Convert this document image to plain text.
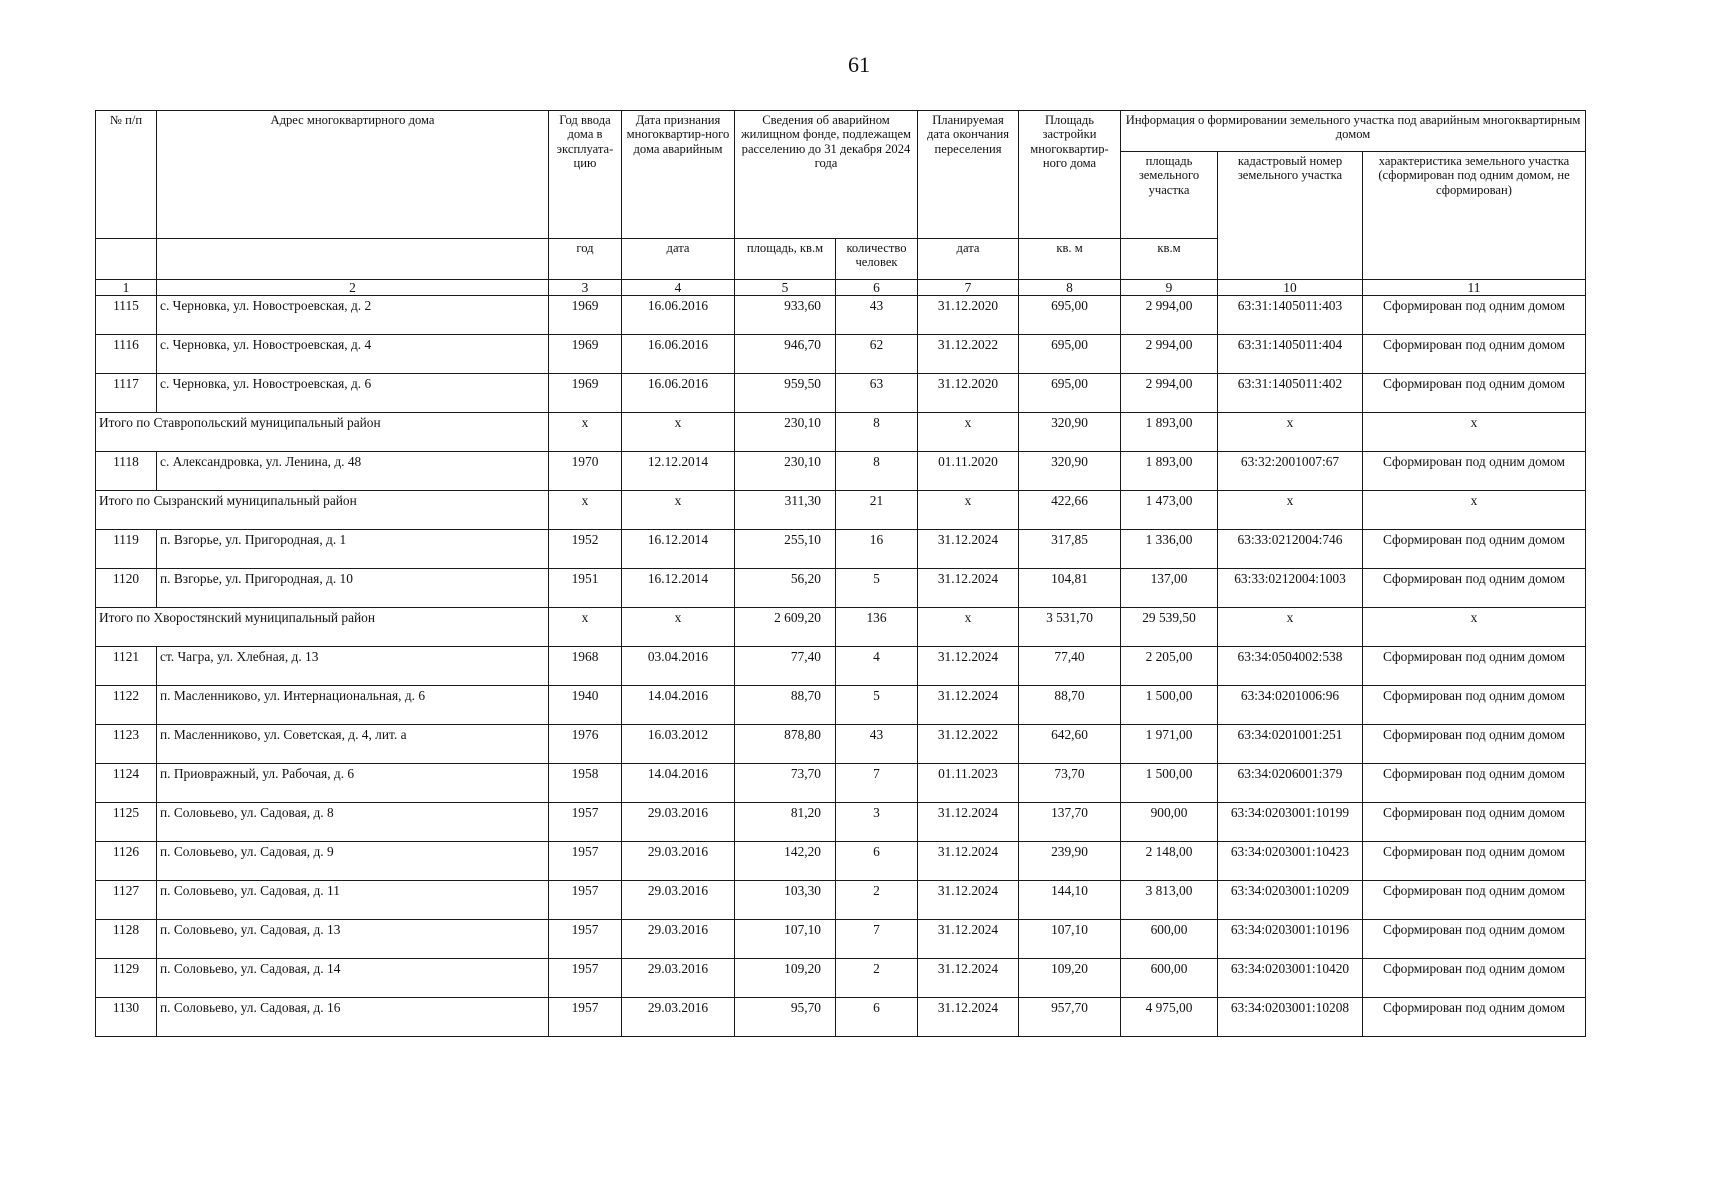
61
№ п/п	Адрес многоквартирного дома	Год ввода дома в эксплуата-цию	Дата признания многоквартир-ного дома аварийным	Сведения об аварийном жилищном фонде, подлежащем расселению до 31 декабря 2024 года		Планируемая дата окончания переселения	Площадь застройки многоквартир-ного дома	Информация о формировании земельного участка под аварийным многоквартирным домом		
								площадь земельного участка	кадастровый номер земельного участка	характеристика земельного участка (сформирован под одним домом, не сформирован)
		год	дата	площадь, кв.м	количество человек	дата	кв. м	кв.м		
1	2	3	4	5	6	7	8	9	10	11
1115	с. Черновка, ул. Новостроевская, д. 2	1969	16.06.2016	933,60	43	31.12.2020	695,00	2 994,00	63:31:1405011:403	Сформирован под одним домом
1116	с. Черновка, ул. Новостроевская, д. 4	1969	16.06.2016	946,70	62	31.12.2022	695,00	2 994,00	63:31:1405011:404	Сформирован под одним домом
1117	с. Черновка, ул. Новостроевская, д. 6	1969	16.06.2016	959,50	63	31.12.2020	695,00	2 994,00	63:31:1405011:402	Сформирован под одним домом
Итого по Ставропольский муниципальный район		x	x	230,10	8	x	320,90	1 893,00	x	x
1118	с. Александровка, ул. Ленина, д. 48	1970	12.12.2014	230,10	8	01.11.2020	320,90	1 893,00	63:32:2001007:67	Сформирован под одним домом
Итого по Сызранский муниципальный район		x	x	311,30	21	x	422,66	1 473,00	x	x
1119	п. Взгорье, ул. Пригородная, д. 1	1952	16.12.2014	255,10	16	31.12.2024	317,85	1 336,00	63:33:0212004:746	Сформирован под одним домом
1120	п. Взгорье, ул. Пригородная, д. 10	1951	16.12.2014	56,20	5	31.12.2024	104,81	137,00	63:33:0212004:1003	Сформирован под одним домом
Итого по Хворостянский муниципальный район		x	x	2 609,20	136	x	3 531,70	29 539,50	x	x
1121	ст. Чагра, ул. Хлебная, д. 13	1968	03.04.2016	77,40	4	31.12.2024	77,40	2 205,00	63:34:0504002:538	Сформирован под одним домом
1122	п. Масленниково, ул. Интернациональная, д. 6	1940	14.04.2016	88,70	5	31.12.2024	88,70	1 500,00	63:34:0201006:96	Сформирован под одним домом
1123	п. Масленниково, ул. Советская, д. 4, лит. а	1976	16.03.2012	878,80	43	31.12.2022	642,60	1 971,00	63:34:0201001:251	Сформирован под одним домом
1124	п. Приовражный, ул. Рабочая, д. 6	1958	14.04.2016	73,70	7	01.11.2023	73,70	1 500,00	63:34:0206001:379	Сформирован под одним домом
1125	п. Соловьево, ул. Садовая, д. 8	1957	29.03.2016	81,20	3	31.12.2024	137,70	900,00	63:34:0203001:10199	Сформирован под одним домом
1126	п. Соловьево, ул. Садовая, д. 9	1957	29.03.2016	142,20	6	31.12.2024	239,90	2 148,00	63:34:0203001:10423	Сформирован под одним домом
1127	п. Соловьево, ул. Садовая, д. 11	1957	29.03.2016	103,30	2	31.12.2024	144,10	3 813,00	63:34:0203001:10209	Сформирован под одним домом
1128	п. Соловьево, ул. Садовая, д. 13	1957	29.03.2016	107,10	7	31.12.2024	107,10	600,00	63:34:0203001:10196	Сформирован под одним домом
1129	п. Соловьево, ул. Садовая, д. 14	1957	29.03.2016	109,20	2	31.12.2024	109,20	600,00	63:34:0203001:10420	Сформирован под одним домом
1130	п. Соловьево, ул. Садовая, д. 16	1957	29.03.2016	95,70	6	31.12.2024	957,70	4 975,00	63:34:0203001:10208	Сформирован под одним домом
